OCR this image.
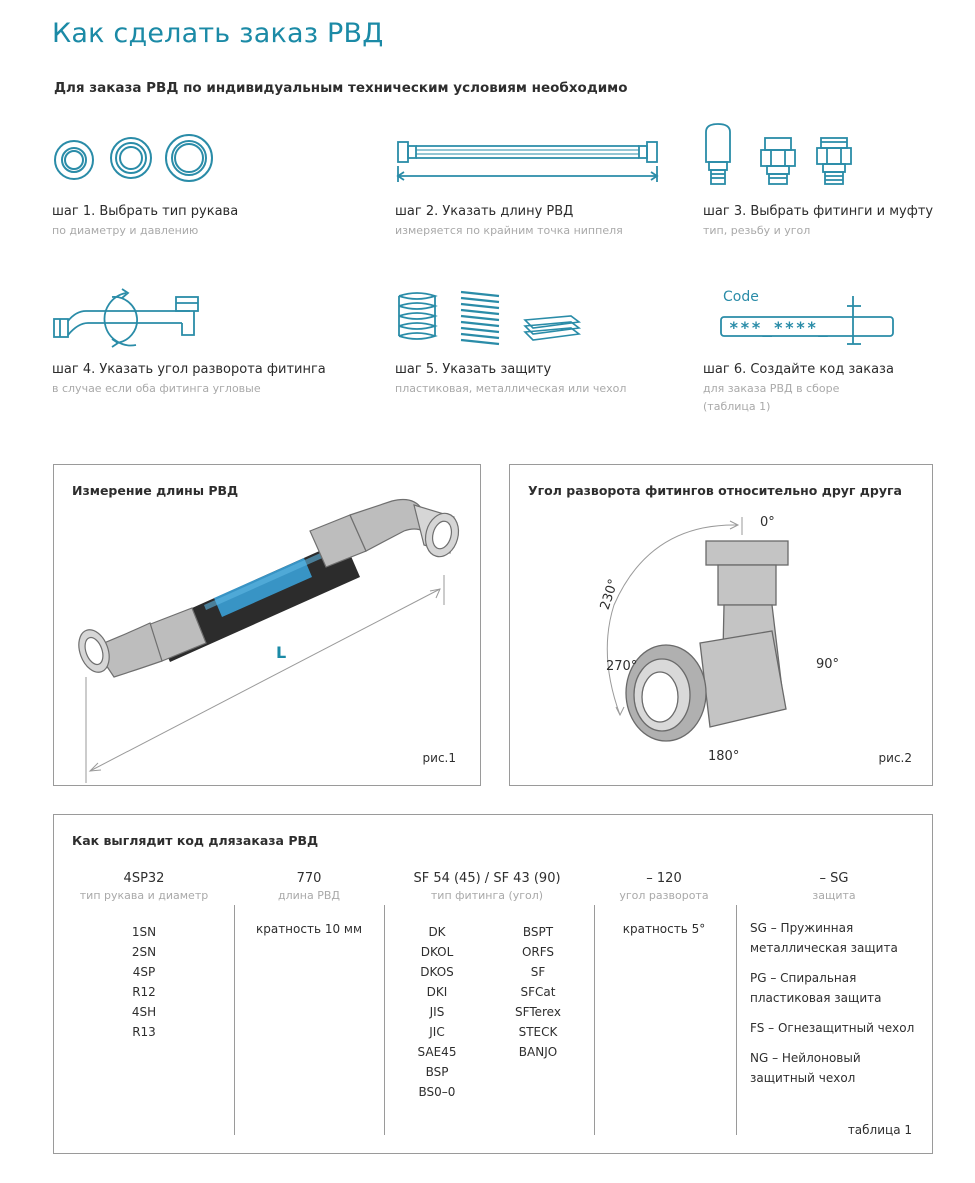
Как сделать заказ РВД
Для заказа РВД по индивидуальным техническим условиям необходимо
шаг 1. Выбрать тип рукава
по диаметру и давлению
шаг 2. Указать длину РВД
измеряется по крайним точка ниппеля
шаг 3. Выбрать фитинги и муфту
тип, резьбу и угол
шаг 4. Указать угол разворота фитинга
в случае если оба фитинга угловые
шаг 5. Указать защиту
пластиковая, металлическая или чехол
Code
***_****_
шаг 6. Создайте код заказа
для заказа РВД в сборе
(таблица 1)
Измерение длины РВД
L
рис.1
Угол разворота фитингов относительно друг друга
0°
90°
180°
270°
230°
рис.2
Как выглядит код длязаказа РВД
4SP32
тип рукава и диаметр
1SN
2SN
4SP
R12
4SH
R13
770
длина РВД
кратность 10 мм
SF 54 (45) / SF 43 (90)
тип фитинга (угол)
DK
DKOL
DKOS
DKI
JIS
JIC
SAE45
BSP
BS0–0
BSPT
ORFS
SF
SFCat
SFTerex
STECK
BANJO
– 120
угол разворота
кратность 5°
– SG
защита
SG – Пружинная
металлическая защита
PG – Спиральная
пластиковая защита
FS – Огнезащитный чехол
NG – Нейлоновый
защитный чехол
таблица 1
